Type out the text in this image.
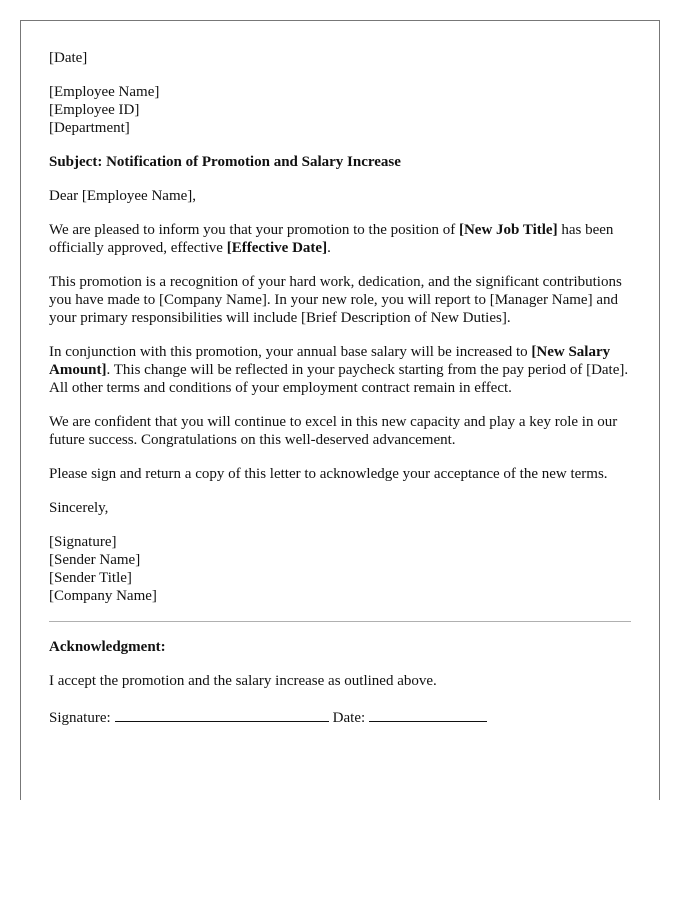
[Date]

[Employee Name]
[Employee ID]
[Department]

Subject: Notification of Promotion and Salary Increase

Dear [Employee Name],

We are pleased to inform you that your promotion to the position of [New Job Title] has been officially approved, effective [Effective Date].

This promotion is a recognition of your hard work, dedication, and the significant contributions you have made to [Company Name]. In your new role, you will report to [Manager Name] and your primary responsibilities will include [Brief Description of New Duties].

In conjunction with this promotion, your annual base salary will be increased to [New Salary Amount]. This change will be reflected in your paycheck starting from the pay period of [Date]. All other terms and conditions of your employment contract remain in effect.

We are confident that you will continue to excel in this new capacity and play a key role in our future success. Congratulations on this well-deserved advancement.

Please sign and return a copy of this letter to acknowledge your acceptance of the new terms.

Sincerely,

[Signature]
[Sender Name]
[Sender Title]
[Company Name]

Acknowledgment:

I accept the promotion and the salary increase as outlined above.

Signature:	Date:
